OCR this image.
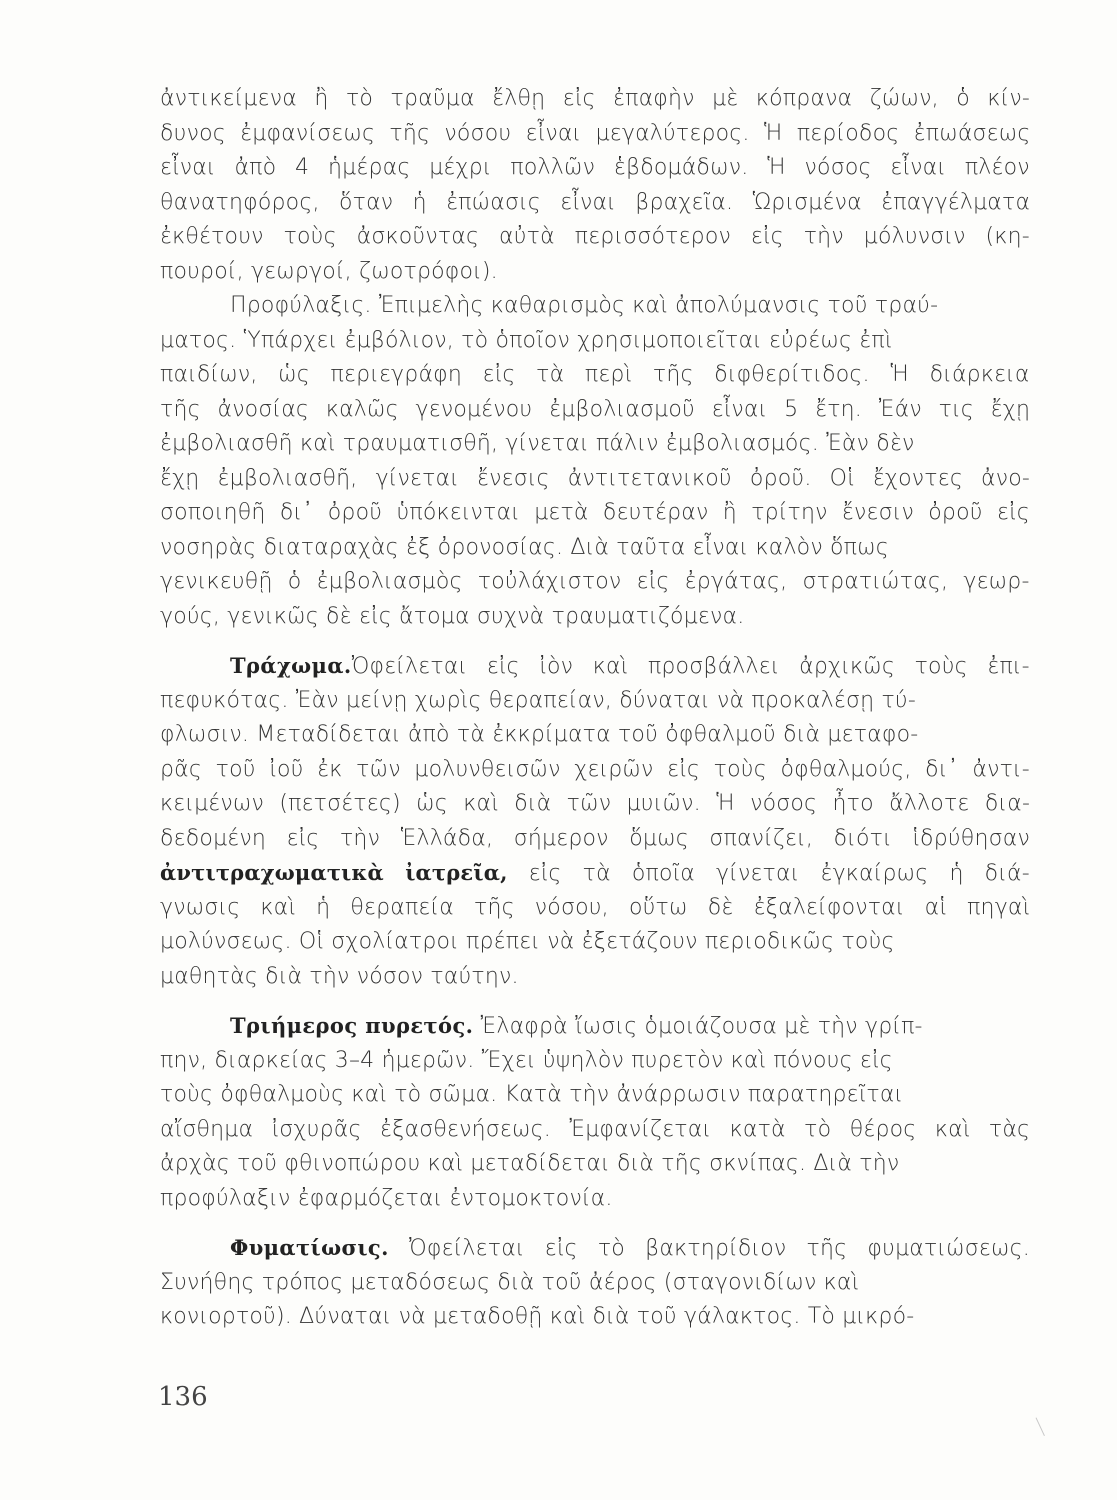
ἀντικείμενα ἢ τὸ τραῦμα ἔλθῃ εἰς ἐπαφὴν μὲ κόπρανα ζώων, ὁ κίν-
δυνος ἐμφανίσεως τῆς νόσου εἶναι μεγαλύτερος. Ἡ περίοδος ἐπωάσεως
εἶναι ἀπὸ 4 ἡμέρας μέχρι πολλῶν ἑβδομάδων. Ἡ νόσος εἶναι πλέον
θανατηφόρος, ὅταν ἡ ἐπώασις εἶναι βραχεῖα. Ὡρισμένα ἐπαγγέλματα
ἐκθέτουν τοὺς ἀσκοῦντας αὐτὰ περισσότερον εἰς τὴν μόλυνσιν (κη-
πουροί, γεωργοί, ζωοτρόφοι).
Προφύλαξις. Ἐπιμελὴς καθαρισμὸς καὶ ἀπολύμανσις τοῦ τραύ-
ματος. Ὑπάρχει ἐμβόλιον, τὸ ὁποῖον χρησιμοποιεῖται εὐρέως ἐπὶ
παιδίων, ὡς περιεγράφη εἰς τὰ περὶ τῆς διφθερίτιδος. Ἡ διάρκεια
τῆς ἀνοσίας καλῶς γενομένου ἐμβολιασμοῦ εἶναι 5 ἔτη. Ἐάν τις ἔχῃ
ἐμβολιασθῆ καὶ τραυματισθῆ, γίνεται πάλιν ἐμβολιασμός. Ἐὰν δὲν
ἔχῃ ἐμβολιασθῆ, γίνεται ἔνεσις ἀντιτετανικοῦ ὀροῦ. Οἱ ἔχοντες ἀνο-
σοποιηθῆ δι᾽ ὀροῦ ὑπόκεινται μετὰ δευτέραν ἢ τρίτην ἔνεσιν ὀροῦ εἰς
νοσηρὰς διαταραχὰς ἐξ ὀρονοσίας. Διὰ ταῦτα εἶναι καλὸν ὅπως
γενικευθῇ ὁ ἐμβολιασμὸς τοὐλάχιστον εἰς ἐργάτας, στρατιώτας, γεωρ-
γούς, γενικῶς δὲ εἰς ἄτομα συχνὰ τραυματιζόμενα.
Τράχωμα.Ὀφείλεται εἰς ἰὸν καὶ προσβάλλει ἀρχικῶς τοὺς ἐπι-
πεφυκότας. Ἐὰν μείνῃ χωρὶς θεραπείαν, δύναται νὰ προκαλέσῃ τύ-
φλωσιν. Μεταδίδεται ἀπὸ τὰ ἐκκρίματα τοῦ ὀφθαλμοῦ διὰ μεταφο-
ρᾶς τοῦ ἰοῦ ἐκ τῶν μολυνθεισῶν χειρῶν εἰς τοὺς ὀφθαλμούς, δι᾽ ἀντι-
κειμένων (πετσέτες) ὡς καὶ διὰ τῶν μυιῶν. Ἡ νόσος ἦτο ἄλλοτε δια-
δεδομένη εἰς τὴν Ἑλλάδα, σήμερον ὅμως σπανίζει, διότι ἱδρύθησαν
ἀντιτραχωματικὰ ἰατρεῖα, εἰς τὰ ὁποῖα γίνεται ἐγκαίρως ἡ διά-
γνωσις καὶ ἡ θεραπεία τῆς νόσου, οὕτω δὲ ἐξαλείφονται αἱ πηγαὶ
μολύνσεως. Οἱ σχολίατροι πρέπει νὰ ἐξετάζουν περιοδικῶς τοὺς
μαθητὰς διὰ τὴν νόσον ταύτην.
Τριήμερος πυρετός. Ἐλαφρὰ ἴωσις ὁμοιάζουσα μὲ τὴν γρίπ-
πην, διαρκείας 3–4 ἡμερῶν. Ἔχει ὑψηλὸν πυρετὸν καὶ πόνους εἰς
τοὺς ὀφθαλμοὺς καὶ τὸ σῶμα. Κατὰ τὴν ἀνάρρωσιν παρατηρεῖται
αἴσθημα ἰσχυρᾶς ἐξασθενήσεως. Ἐμφανίζεται κατὰ τὸ θέρος καὶ τὰς
ἀρχὰς τοῦ φθινοπώρου καὶ μεταδίδεται διὰ τῆς σκνίπας. Διὰ τὴν
προφύλαξιν ἐφαρμόζεται ἐντομοκτονία.
Φυματίωσις. Ὀφείλεται εἰς τὸ βακτηρίδιον τῆς φυματιώσεως.
Συνήθης τρόπος μεταδόσεως διὰ τοῦ ἀέρος (σταγονιδίων καὶ
κονιορτοῦ). Δύναται νὰ μεταδοθῇ καὶ διὰ τοῦ γάλακτος. Τὸ μικρό-
136
